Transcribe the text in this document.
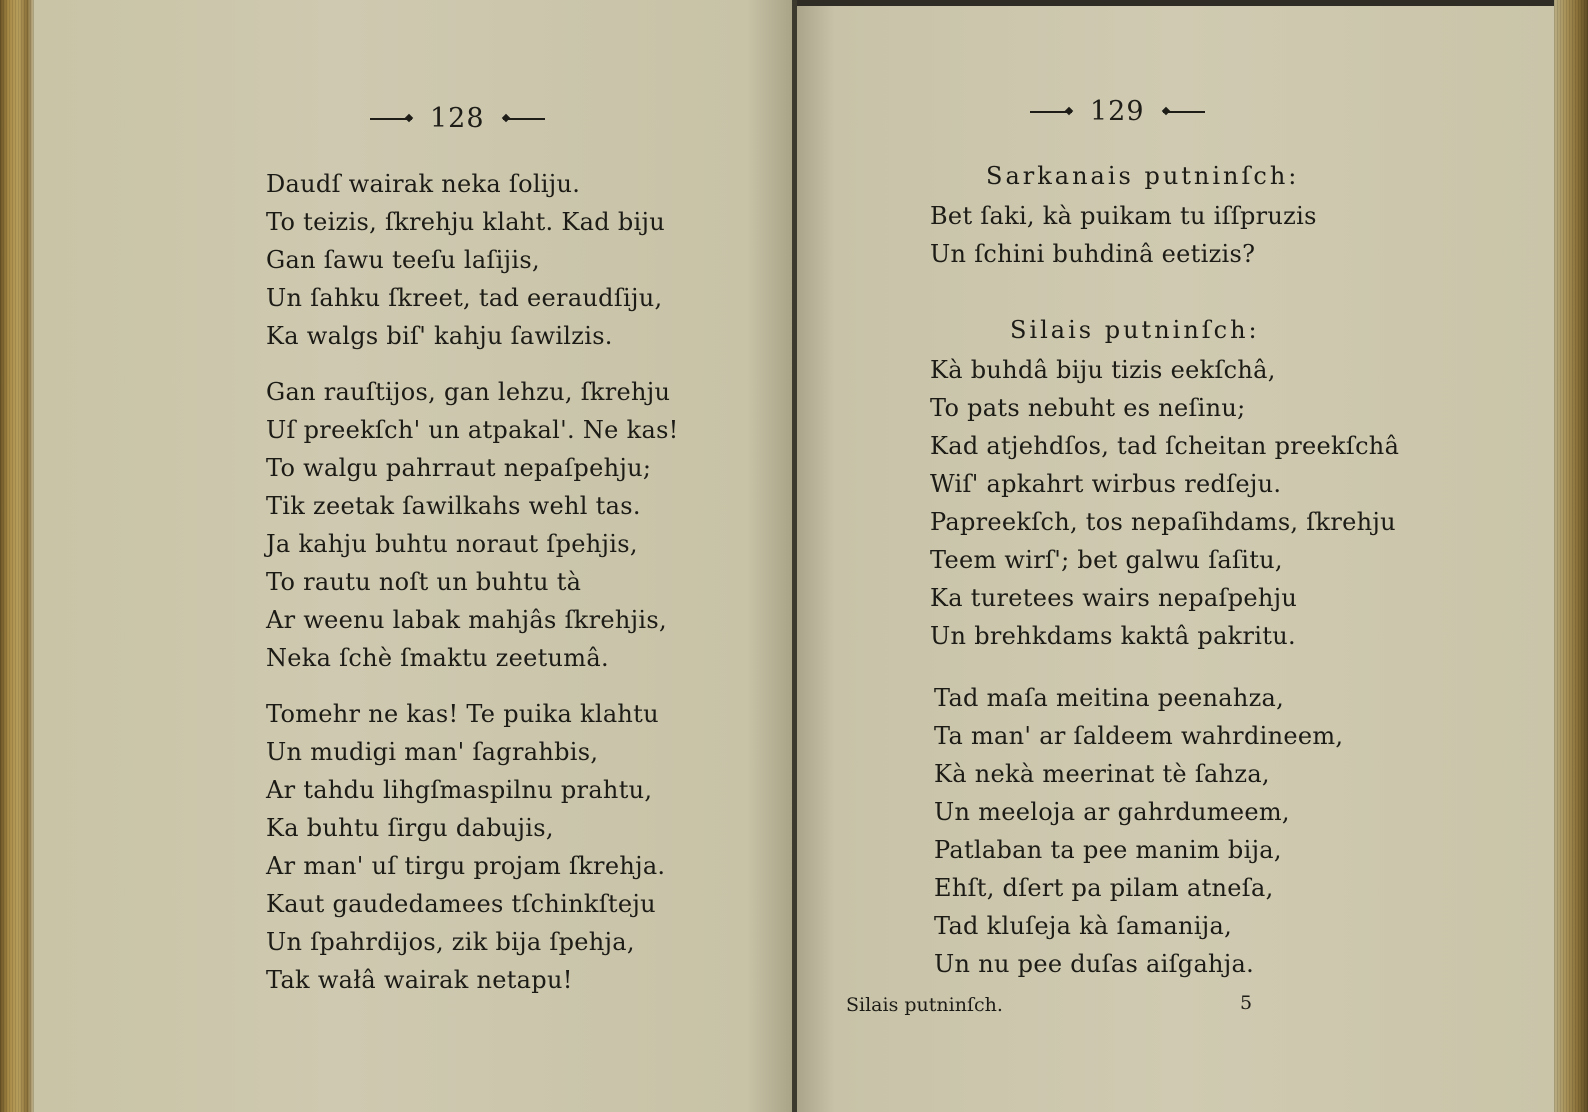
128
Daudſ wairak neka ſoliju.
To teizis, ſkrehju klaht. Kad biju
Gan ſawu teeſu laſijis,
Un ſahku ſkreet, tad eeraudſiju,
Ka walgs biſ' kahju ſawilzis.
Gan rauſtijos, gan lehzu, ſkrehju
Uſ preekſch' un atpakal'. Ne kas!
To walgu pahrraut nepaſpehju;
Tik zeetak ſawilkahs wehl tas.
Ja kahju buhtu noraut ſpehjis,
To rautu noſt un buhtu tà
Ar weenu labak mahjâs ſkrehjis,
Neka ſchè ſmaktu zeetumâ.
Tomehr ne kas! Te puika klahtu
Un mudigi man' ſagrahbis,
Ar tahdu lihgſmaspilnu prahtu,
Ka buhtu ſirgu dabujis,
Ar man' uſ tirgu projam ſkrehja.
Kaut gaudedamees tſchinkſteju
Un ſpahrdijos, zik bija ſpehja,
Tak wałâ wairak netapu!
129
Sarkanais putninſch:
Bet ſaki, kà puikam tu iſſpruzis
Un ſchini buhdinâ eetizis?
Silais putninſch:
Kà buhdâ biju tizis eekſchâ,
To pats nebuht es neſinu;
Kad atjehdſos, tad ſcheitan preekſchâ
Wiſ' apkahrt wirbus redſeju.
Papreekſch, tos nepaſihdams, ſkrehju
Teem wirſ'; bet galwu ſaſitu,
Ka turetees wairs nepaſpehju
Un brehkdams kaktâ pakritu.
Tad maſa meitina peenahza,
Ta man' ar ſaldeem wahrdineem,
Kà nekà meerinat tè ſahza,
Un meeloja ar gahrdumeem,
Patlaban ta pee manim bija,
Ehſt, dſert pa pilam atneſa,
Tad kluſeja kà ſamanija,
Un nu pee duſas aiſgahja.
Silais putninſch.	5
